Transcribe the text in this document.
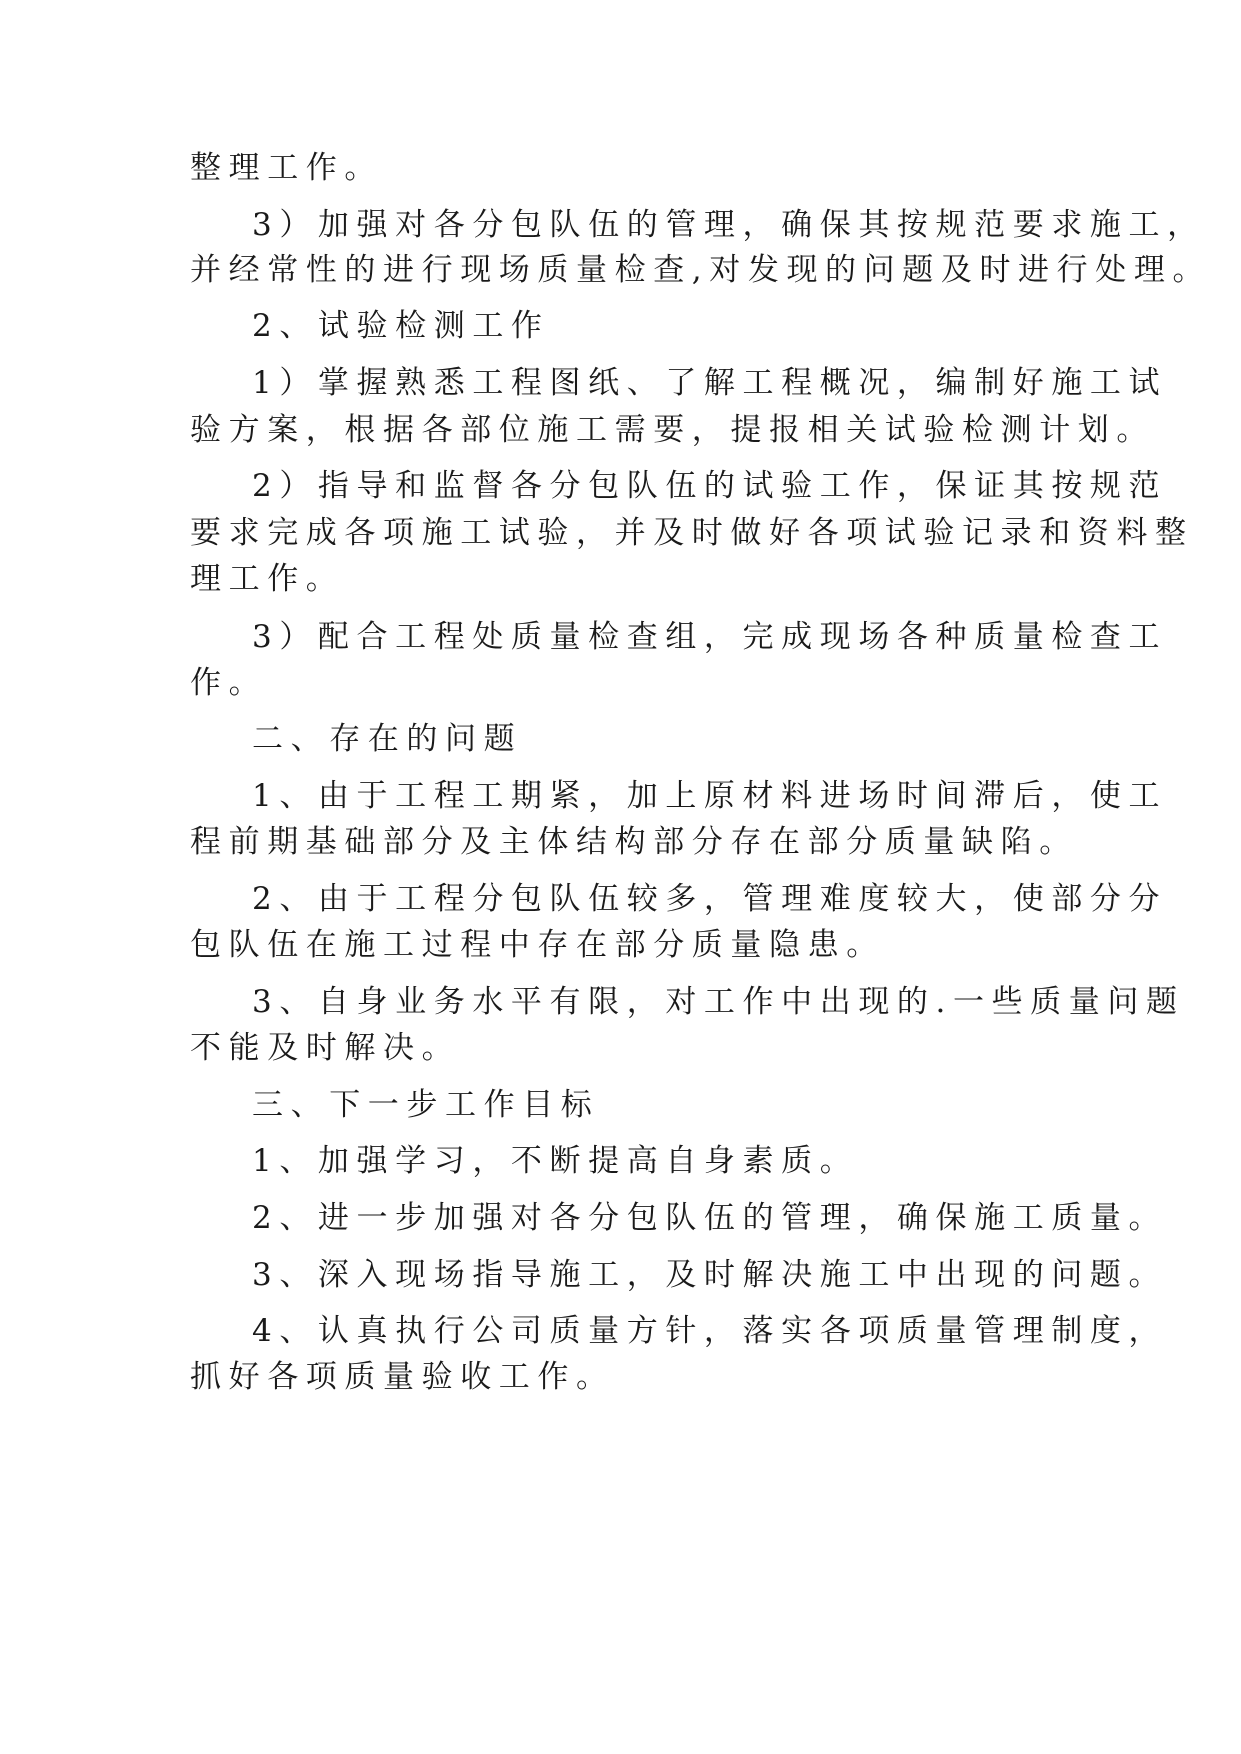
整理工作。
3）加强对各分包队伍的管理，确保其按规范要求施工，
并经常性的进行现场质量检查,对发现的问题及时进行处理。
2、试验检测工作
1）掌握熟悉工程图纸、了解工程概况，编制好施工试
验方案，根据各部位施工需要，提报相关试验检测计划。
2）指导和监督各分包队伍的试验工作，保证其按规范
要求完成各项施工试验，并及时做好各项试验记录和资料整
理工作。
3）配合工程处质量检查组，完成现场各种质量检查工
作。
二、存在的问题
1、由于工程工期紧，加上原材料进场时间滞后，使工
程前期基础部分及主体结构部分存在部分质量缺陷。
2、由于工程分包队伍较多，管理难度较大，使部分分
包队伍在施工过程中存在部分质量隐患。
3、自身业务水平有限，对工作中出现的.一些质量问题
不能及时解决。
三、下一步工作目标
1、加强学习，不断提高自身素质。
2、进一步加强对各分包队伍的管理，确保施工质量。
3、深入现场指导施工，及时解决施工中出现的问题。
4、认真执行公司质量方针，落实各项质量管理制度，
抓好各项质量验收工作。
